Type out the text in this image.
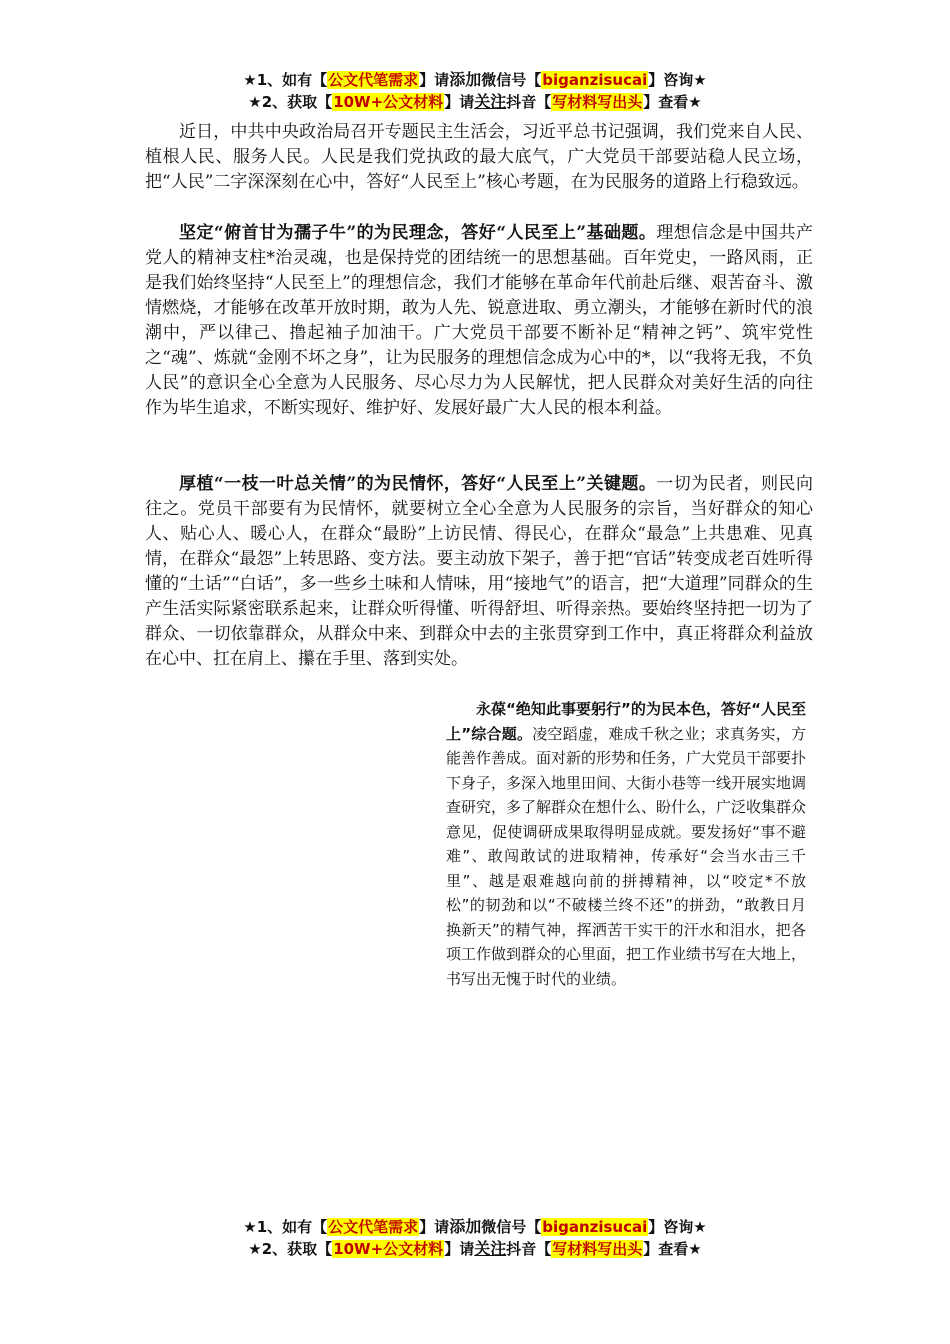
★1、如有【公文代笔需求】请添加微信号【biganzisucai】咨询★
★2、获取【10W+公文材料】请关注抖音【写材料写出头】查看★

近日，中共中央政治局召开专题民主生活会，习近平总书记强调，我们党来自人民、植根人民、服务人民。人民是我们党执政的最大底气，广大党员干部要站稳人民立场，把“人民”二字深深刻在心中，答好“人民至上”核心考题，在为民服务的道路上行稳致远。

坚定“俯首甘为孺子牛”的为民理念，答好“人民至上”基础题。理想信念是中国共产党人的精神支柱*治灵魂，也是保持党的团结统一的思想基础。百年党史，一路风雨，正是我们始终坚持“人民至上”的理想信念，我们才能够在革命年代前赴后继、艰苦奋斗、激情燃烧，才能够在改革开放时期，敢为人先、锐意进取、勇立潮头，才能够在新时代的浪潮中，严以律己、撸起袖子加油干。广大党员干部要不断补足“精神之钙”、筑牢党性之“魂”、炼就“金刚不坏之身”，让为民服务的理想信念成为心中的*，以“我将无我，不负人民”的意识全心全意为人民服务、尽心尽力为人民解忧，把人民群众对美好生活的向往作为毕生追求，不断实现好、维护好、发展好最广大人民的根本利益。

厚植“一枝一叶总关情”的为民情怀，答好“人民至上”关键题。一切为民者，则民向往之。党员干部要有为民情怀，就要树立全心全意为人民服务的宗旨，当好群众的知心人、贴心人、暖心人，在群众“最盼”上访民情、得民心，在群众“最急”上共患难、见真情，在群众“最怨”上转思路、变方法。要主动放下架子，善于把“官话”转变成老百姓听得懂的“土话”“白话”，多一些乡土味和人情味，用“接地气”的语言，把“大道理”同群众的生产生活实际紧密联系起来，让群众听得懂、听得舒坦、听得亲热。要始终坚持把一切为了群众、一切依靠群众，从群众中来、到群众中去的主张贯穿到工作中，真正将群众利益放在心中、扛在肩上、攥在手里、落到实处。

永葆“绝知此事要躬行”的为民本色，答好“人民至上”综合题。凌空蹈虚，难成千秋之业；求真务实，方能善作善成。面对新的形势和任务，广大党员干部要扑下身子，多深入地里田间、大街小巷等一线开展实地调查研究，多了解群众在想什么、盼什么，广泛收集群众意见，促使调研成果取得明显成就。要发扬好“事不避难”、敢闯敢试的进取精神，传承好“会当水击三千里”、越是艰难越向前的拼搏精神，以“咬定*不放松”的韧劲和以“不破楼兰终不还”的拼劲，“敢教日月换新天”的精气神，挥洒苦干实干的汗水和泪水，把各项工作做到群众的心里面，把工作业绩书写在大地上，书写出无愧于时代的业绩。

★1、如有【公文代笔需求】请添加微信号【biganzisucai】咨询★
★2、获取【10W+公文材料】请关注抖音【写材料写出头】查看★
